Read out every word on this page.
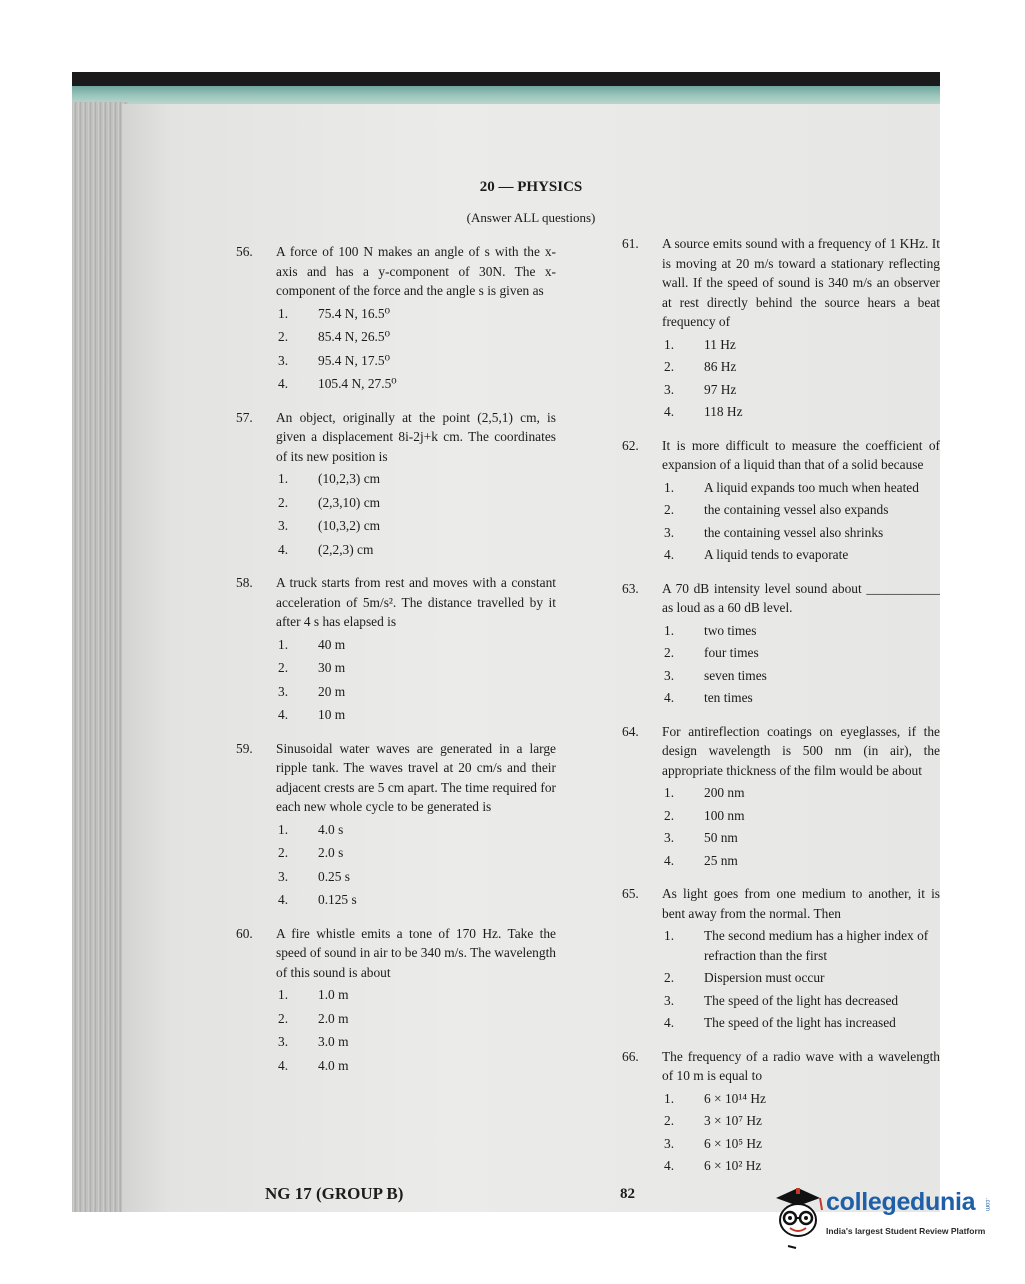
20 — PHYSICS
(Answer ALL questions)
56. A force of 100 N makes an angle of s with the x-axis and has a y-component of 30N. The x-component of the force and the angle s is given as
1. 75.4 N, 16.5⁰
2. 85.4 N, 26.5⁰
3. 95.4 N, 17.5⁰
4. 105.4 N, 27.5⁰
57. An object, originally at the point (2,5,1) cm, is given a displacement 8i-2j+k cm. The coordinates of its new position is
1. (10,2,3) cm
2. (2,3,10) cm
3. (10,3,2) cm
4. (2,2,3) cm
58. A truck starts from rest and moves with a constant acceleration of 5m/s². The distance travelled by it after 4 s has elapsed is
1. 40 m
2. 30 m
3. 20 m
4. 10 m
59. Sinusoidal water waves are generated in a large ripple tank. The waves travel at 20 cm/s and their adjacent crests are 5 cm apart. The time required for each new whole cycle to be generated is
1. 4.0 s
2. 2.0 s
3. 0.25 s
4. 0.125 s
60. A fire whistle emits a tone of 170 Hz. Take the speed of sound in air to be 340 m/s. The wavelength of this sound is about
1. 1.0 m
2. 2.0 m
3. 3.0 m
4. 4.0 m
61. A source emits sound with a frequency of 1 KHz. It is moving at 20 m/s toward a stationary reflecting wall. If the speed of sound is 340 m/s an observer at rest directly behind the source hears a beat frequency of
1. 11 Hz
2. 86 Hz
3. 97 Hz
4. 118 Hz
62. It is more difficult to measure the coefficient of expansion of a liquid than that of a solid because
1. A liquid expands too much when heated
2. the containing vessel also expands
3. the containing vessel also shrinks
4. A liquid tends to evaporate
63. A 70 dB intensity level sound about ___________ as loud as a 60 dB level.
1. two times
2. four times
3. seven times
4. ten times
64. For antireflection coatings on eyeglasses, if the design wavelength is 500 nm (in air), the appropriate thickness of the film would be about
1. 200 nm
2. 100 nm
3. 50 nm
4. 25 nm
65. As light goes from one medium to another, it is bent away from the normal. Then
1. The second medium has a higher index of refraction than the first
2. Dispersion must occur
3. The speed of the light has decreased
4. The speed of the light has increased
66. The frequency of a radio wave with a wavelength of 10 m is equal to
1. 6 × 10¹⁴ Hz
2. 3 × 10⁷ Hz
3. 6 × 10⁵ Hz
4. 6 × 10² Hz
NG 17 (GROUP B)	82	collegedunia .com
India's largest Student Review Platform
